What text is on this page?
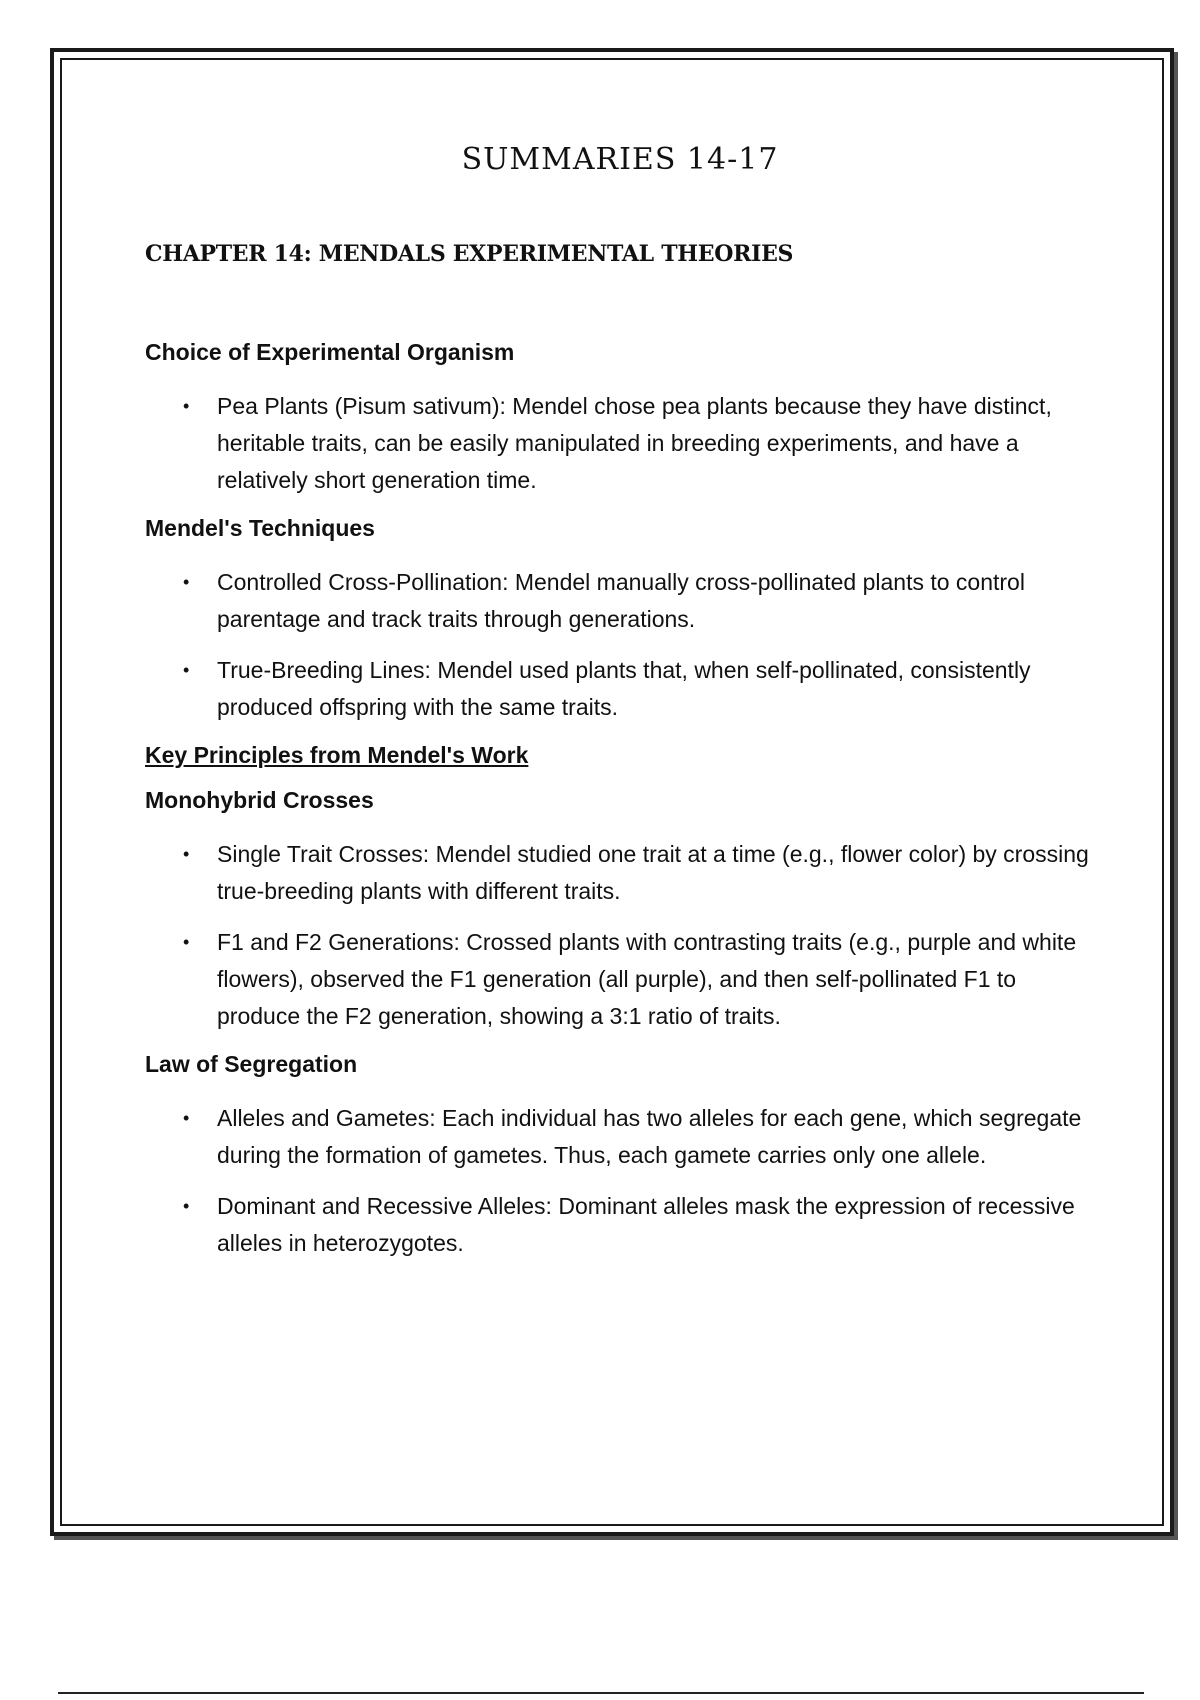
SUMMARIES 14-17
CHAPTER 14: MENDALS EXPERIMENTAL THEORIES
Choice of Experimental Organism
• Pea Plants (Pisum sativum): Mendel chose pea plants because they have distinct, heritable traits, can be easily manipulated in breeding experiments, and have a relatively short generation time.
Mendel's Techniques
• Controlled Cross-Pollination: Mendel manually cross-pollinated plants to control parentage and track traits through generations.
• True-Breeding Lines: Mendel used plants that, when self-pollinated, consistently produced offspring with the same traits.
Key Principles from Mendel's Work
Monohybrid Crosses
• Single Trait Crosses: Mendel studied one trait at a time (e.g., flower color) by crossing true-breeding plants with different traits.
• F1 and F2 Generations: Crossed plants with contrasting traits (e.g., purple and white flowers), observed the F1 generation (all purple), and then self-pollinated F1 to produce the F2 generation, showing a 3:1 ratio of traits.
Law of Segregation
• Alleles and Gametes: Each individual has two alleles for each gene, which segregate during the formation of gametes. Thus, each gamete carries only one allele.
• Dominant and Recessive Alleles: Dominant alleles mask the expression of recessive alleles in heterozygotes.
